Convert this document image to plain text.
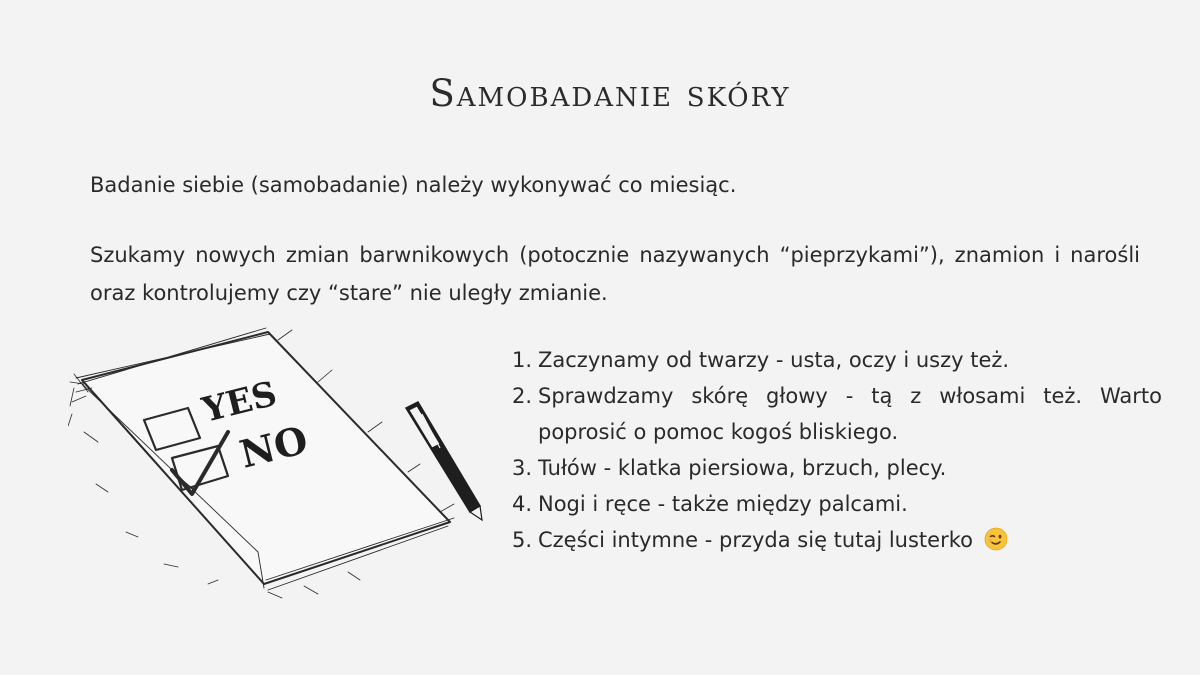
Samobadanie skóry
Badanie siebie (samobadanie) należy wykonywać co miesiąc.
Szukamy nowych zmian barwnikowych (potocznie nazywanych “pieprzykami”), znamion i narośli oraz kontrolujemy czy “stare” nie uległy zmianie.
YES
NO
1. Zaczynamy od twarzy - usta, oczy i uszy też.
2. Sprawdzamy skórę głowy - tą z włosami też. Warto poprosić o pomoc kogoś bliskiego.
3. Tułów - klatka piersiowa, brzuch, plecy.
4. Nogi i ręce - także między palcami.
5. Części intymne - przyda się tutaj lusterko
